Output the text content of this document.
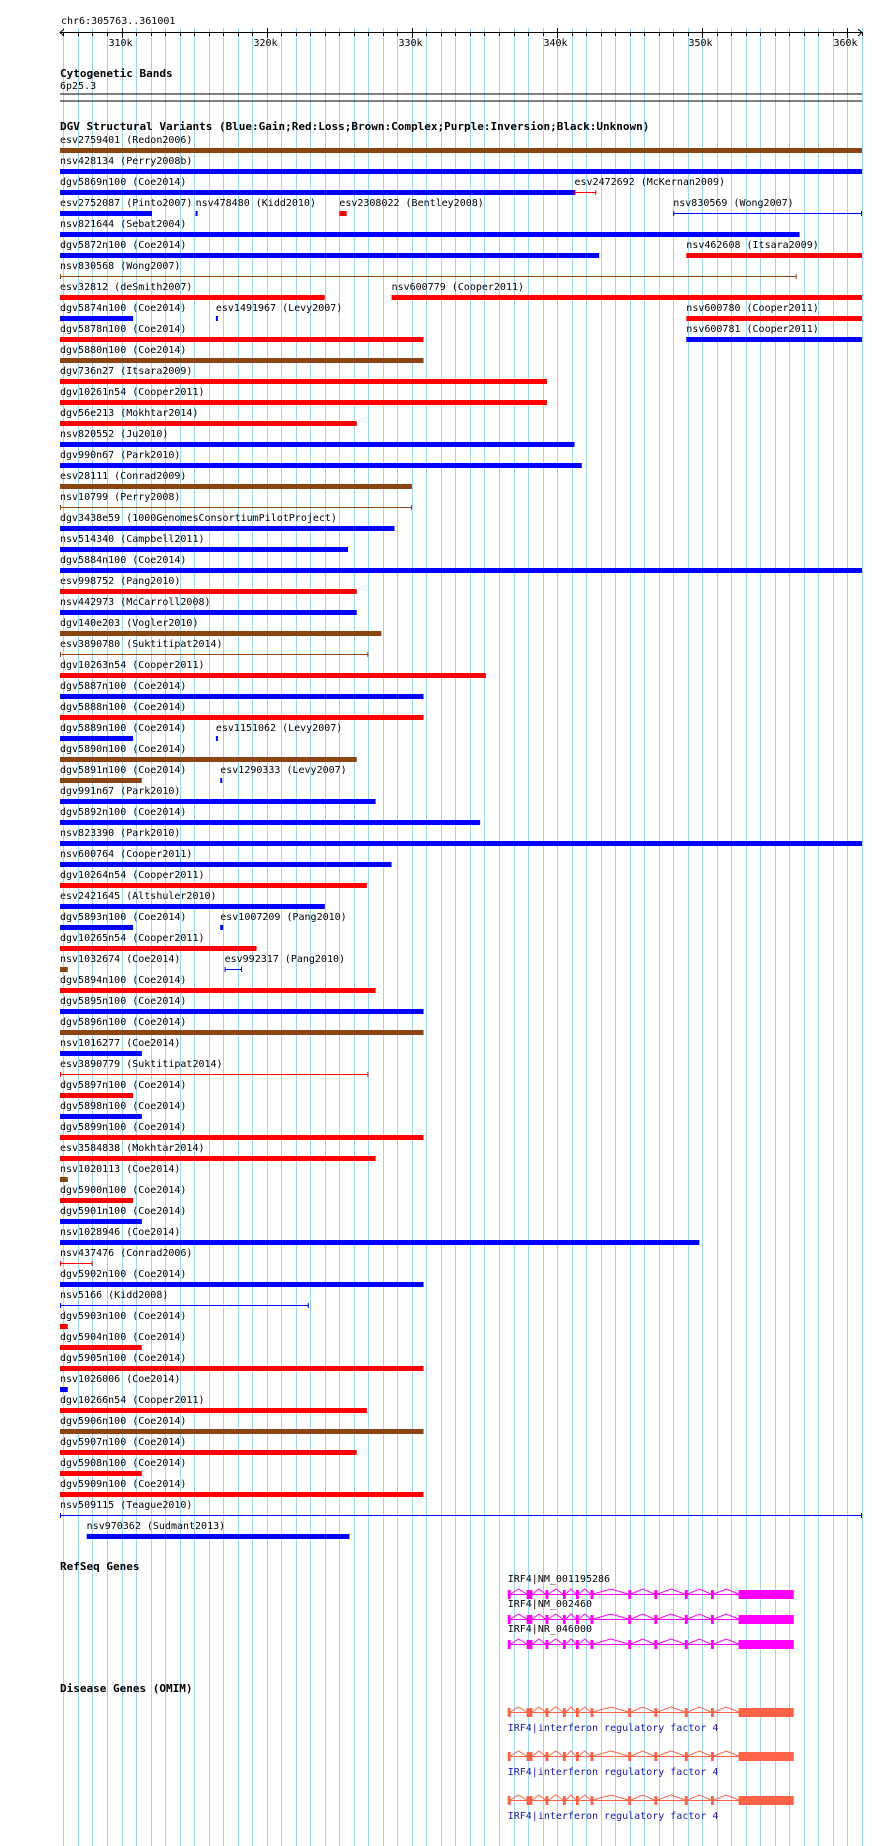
chr6:305763..361001
310k	320k	330k	340k	350k	360k
Cytogenetic Bands
6p25.3
DGV Structural Variants (Blue:Gain;Red:Loss;Brown:Complex;Purple:Inversion;Black:Unknown)
esv2759401 (Redon2006)
nsv428134 (Perry2008b)
dgv5869n100 (Coe2014)	esv2472692 (McKernan2009)
esv2752087 (Pinto2007) nsv478480 (Kidd2010) esv2308022 (Bentley2008)	nsv830569 (Wong2007)
nsv821644 (Sebat2004)
dgv5872n100 (Coe2014)	nsv462608 (Itsara2009)
nsv830568 (Wong2007)
esv32812 (deSmith2007)	nsv600779 (Cooper2011)
dgv5874n100 (Coe2014)	esv1491967 (Levy2007)	nsv600780 (Cooper2011)
dgv5878n100 (Coe2014)	nsv600781 (Cooper2011)
dgv5880n100 (Coe2014)
dgv736n27 (Itsara2009)
dgv10261n54 (Cooper2011)
dgv56e213 (Mokhtar2014)
nsv820552 (Ju2010)
dgv990n67 (Park2010)
esv28111 (Conrad2009)
nsv10799 (Perry2008)
dgv3438e59 (1000GenomesConsortiumPilotProject)
nsv514340 (Campbell2011)
dgv5884n100 (Coe2014)
esv998752 (Pang2010)
nsv442973 (McCarroll2008)
dgv140e203 (Vogler2010)
esv3890780 (Suktitipat2014)
dgv10263n54 (Cooper2011)
dgv5887n100 (Coe2014)
dgv5888n100 (Coe2014)
dgv5889n100 (Coe2014)	esv1151062 (Levy2007)
dgv5890n100 (Coe2014)
dgv5891n100 (Coe2014)	esv1290333 (Levy2007)
dgv991n67 (Park2010)
dgv5892n100 (Coe2014)
nsv823390 (Park2010)
nsv600764 (Cooper2011)
dgv10264n54 (Cooper2011)
esv2421645 (Altshuler2010)
dgv5893n100 (Coe2014)	esv1007209 (Pang2010)
dgv10265n54 (Cooper2011)
nsv1032674 (Coe2014)	esv992317 (Pang2010)
dgv5894n100 (Coe2014)
dgv5895n100 (Coe2014)
dgv5896n100 (Coe2014)
nsv1016277 (Coe2014)
esv3890779 (Suktitipat2014)
dgv5897n100 (Coe2014)
dgv5898n100 (Coe2014)
dgv5899n100 (Coe2014)
esv3584838 (Mokhtar2014)
nsv1020113 (Coe2014)
dgv5900n100 (Coe2014)
dgv5901n100 (Coe2014)
nsv1028946 (Coe2014)
nsv437476 (Conrad2006)
dgv5902n100 (Coe2014)
nsv5166 (Kidd2008)
dgv5903n100 (Coe2014)
dgv5904n100 (Coe2014)
dgv5905n100 (Coe2014)
nsv1026006 (Coe2014)
dgv10266n54 (Cooper2011)
dgv5906n100 (Coe2014)
dgv5907n100 (Coe2014)
dgv5908n100 (Coe2014)
dgv5909n100 (Coe2014)
nsv509115 (Teague2010)
nsv970362 (Sudmant2013)
RefSeq Genes
IRF4|NM_001195286
IRF4|NM_002460
IRF4|NR_046000
Disease Genes (OMIM)
IRF4|interferon regulatory factor 4
IRF4|interferon regulatory factor 4
IRF4|interferon regulatory factor 4
